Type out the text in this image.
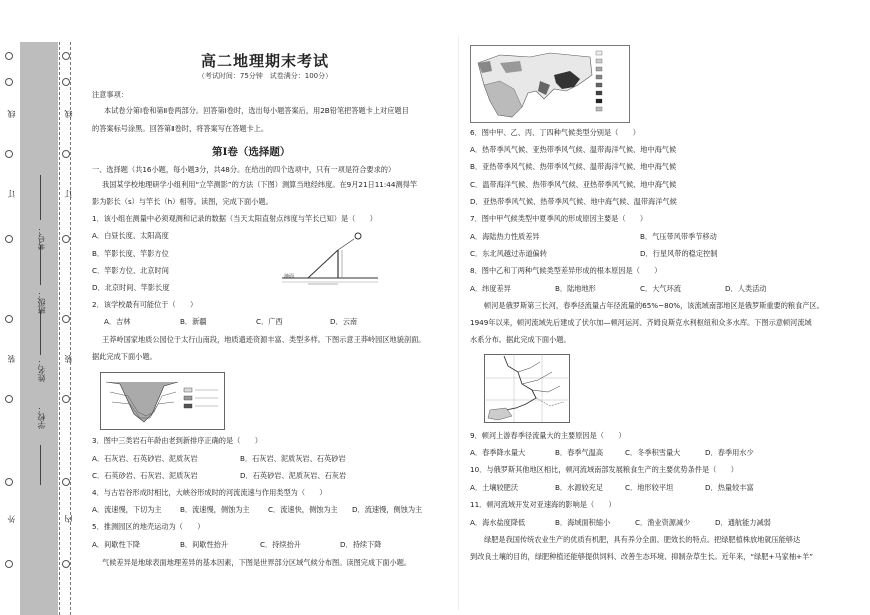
线
订
装
外
线
订
装
内
学校：
姓名：
班级：
考号：
高二地理期末考试
（考试时间：75分钟　试卷满分：100分）
注意事项：
本试卷分第Ⅰ卷和第Ⅱ卷两部分。回答第Ⅰ卷时，选出每小题答案后，用2B铅笔把答题卡上对应题目
的答案标号涂黑。回答第Ⅱ卷时，将答案写在答题卡上。
第Ⅰ卷（选择题）
一、选择题（共16小题，每小题3分，共48分。在给出的四个选项中，只有一项是符合要求的）
我国某学校地理研学小组利用“立竿测影”的方法（下图）测算当地经纬度。在9月21日11:44测得竿
影为影长（s）与竿长（h）相等。读图，完成下面小题。
1．该小组在测量中必须观测和记录的数据（当天太阳直射点纬度与竿长已知）是（　　）
A．白昼长度、太阳高度
B．竿影长度、竿影方位
C．竿影方位、北京时间
D．北京时间、竿影长度
地面
2．该学校最有可能位于（　　）
A．吉林	B．新疆	C．广西	D．云南
王莽岭国家地质公园位于太行山南段，地质遗迹资源丰富、类型多样。下图示意王莽岭园区地貌剖面。
据此完成下面小题。
3．图中三类岩石年龄由老到新排序正确的是（　　）
A．石灰岩、石英砂岩、泥质灰岩	B．石灰岩、泥质灰岩、石英砂岩
C．石英砂岩、石灰岩、泥质灰岩	D．石英砂岩、泥质灰岩、石灰岩
4．与古岩谷形成时相比，大峡谷形成时的河流流速与作用类型为（　　）
A．流速慢，下切为主	B．流速慢，侧蚀为主	C．流速快，侧蚀为主 D．流速慢，侧蚀为主
5．推测园区的地壳运动为（　　）
A．间歇性下降	B．间歇性抬升	C．持续抬升	D．持续下降
气候差异是地球表面地理差异的基本因素，下图是世界部分区域气候分布图。读图完成下面小题。
6．图中甲、乙、丙、丁四种气候类型分别是（　　）
A．热带季风气候、亚热带季风气候、温带海洋气候、地中海气候
B．亚热带季风气候、热带季风气候、温带海洋气候、地中海气候
C．温带海洋气候、热带季风气候、亚热带季风气候、地中海气候
D．亚热带季风气候、热带季风气候、地中海气候、温带海洋气候
7．图中甲气候类型中夏季风的形成原因主要是（　　）
A．海陆热力性质差异	B．气压带风带季节移动
C．东北风越过赤道偏转	D．行星风带的稳定控制
8．图中乙和丁两种气候类型差异形成的根本原因是（　　）
A．纬度差异	B．陆地地形	C．大气环流	D．人类活动
顿河是俄罗斯第三长河，春季径流量占年径流量的65%~80%，该流域南部地区是俄罗斯重要的粮食产区。
1949年以来，顿河流域先后建成了伏尔加—顿河运河、齐姆良斯克水利枢纽和众多水库。下图示意顿河流域
水系分布。据此完成下面小题。
9．顿河上游春季径流量大的主要原因是（　　）
A．春季降水量大	B．春季气温高	C．冬季积雪量大	D．春季用水少
10．与俄罗斯其他地区相比，顿河流域南部发展粮食生产的主要优势条件是（　　）
A．土壤较肥沃	B．水源较充足	C．地形较平坦	D．热量较丰富
11．顿河流域开发对亚速海的影响是（　　）
A．海水盐度降低	B．海域面积缩小	C．渔业资源减少	D．通航能力减弱
绿肥是我国传统农业生产的优质有机肥，具有养分全面、肥效长的特点。把绿肥植株放地就压能够达
到改良土壤的目的，绿肥种植还能够提供饲料、改善生态环境、抑制杂草生长。近年来，“绿肥+马家柚+羊”
